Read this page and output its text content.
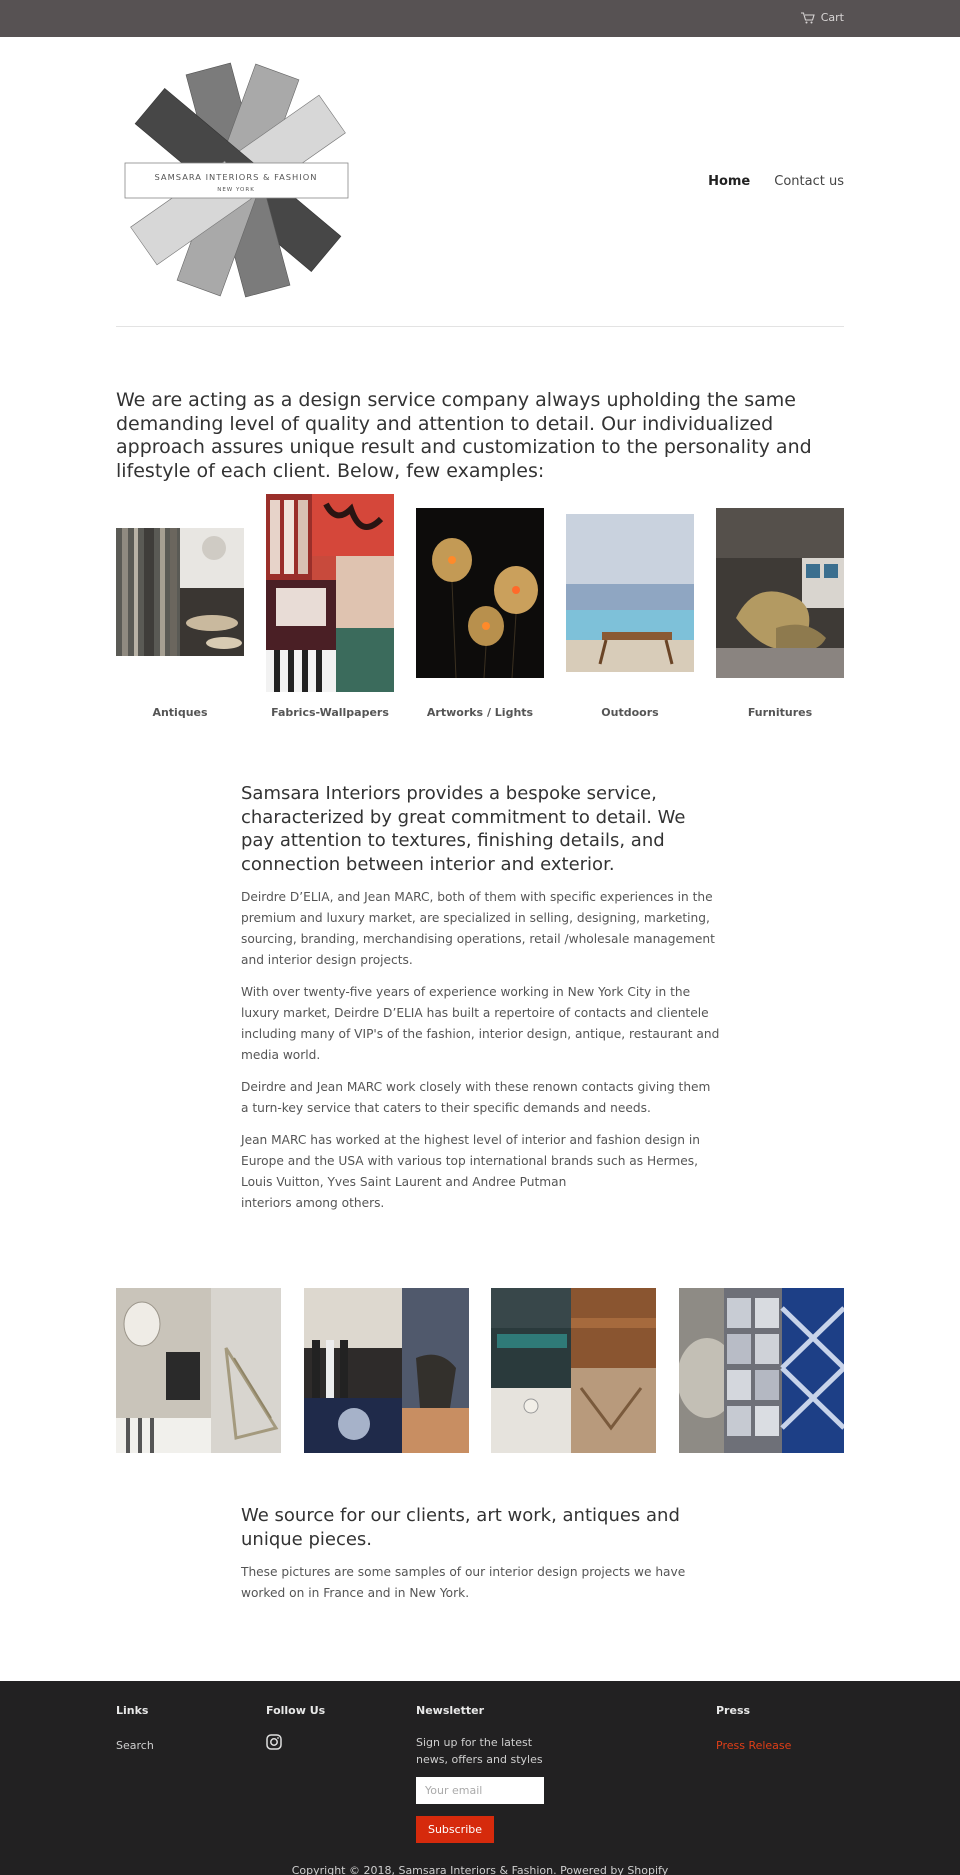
Cart
SAMSARA INTERIORS & FASHION
NEW YORK
Home Contact us

We are acting as a design service company always upholding the same demanding level of quality and attention to detail. Our individualized approach assures unique result and customization to the personality and lifestyle of each client. Below, few examples:

Antiques	Fabrics-Wallpapers	Artworks / Lights	Outdoors	Furnitures
Samsara Interiors provides a bespoke service, characterized by great commitment to detail. We pay attention to textures, finishing details, and connection between interior and exterior.

Deirdre D’ELIA, and Jean MARC, both of them with specific experiences in the premium and luxury market, are specialized in selling, designing, marketing, sourcing, branding, merchandising operations, retail /wholesale management and interior design projects.

With over twenty-five years of experience working in New York City in the luxury market, Deirdre D’ELIA has built a repertoire of contacts and clientele including many of VIP's of the fashion, interior design, antique, restaurant and media world.

Deirdre and Jean MARC work closely with these renown contacts giving them a turn-key service that caters to their specific demands and needs.

Jean MARC has worked at the highest level of interior and fashion design in Europe and the USA with various top international brands such as Hermes, Louis Vuitton, Yves Saint Laurent and Andree Putman

interiors among others.

We source for our clients, art work, antiques and unique pieces.

These pictures are some samples of our interior design projects we have worked on in France and in New York.

Links
Search
Follow Us	Newsletter

Sign up for the latest news, offers and styles

Your email
Subscribe
Press
Press Release
Copyright © 2018, Samsara Interiors & Fashion. Powered by Shopify
